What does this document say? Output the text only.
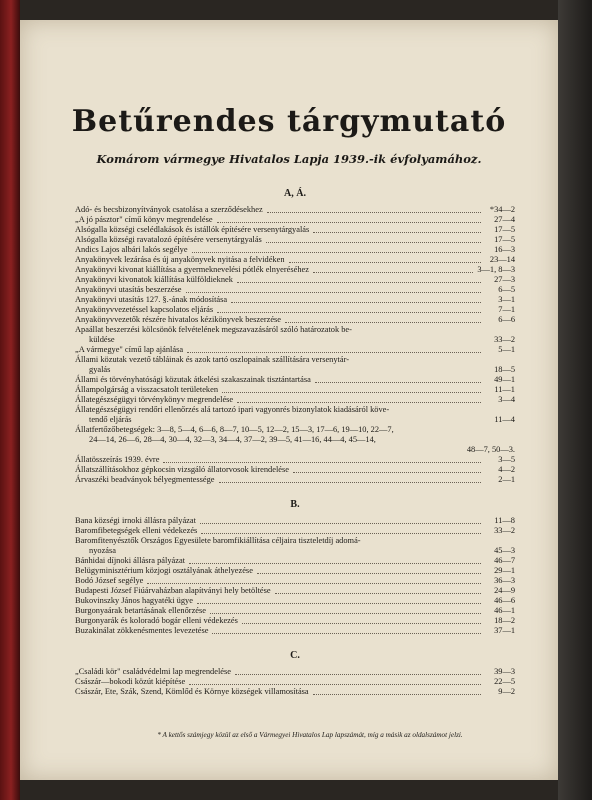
Betűrendes tárgymutató
Komárom vármegye Hivatalos Lapja 1939.-ik évfolyamához.
A, Á.
Adó- és becsbizonyítványok csatolása a szerződésekhez	*34—2
„A jó pásztor" című könyv megrendelése	27—4
Alsógalla községi cselédlakások és istállók építésére versenytárgyalás	17—5
Alsógalla községi ravatalozó építésére versenytárgyalás	17—5
Andics Lajos albári lakós segélye	16—3
Anyakönyvek lezárása és új anyakönyvek nyitása a felvidéken	23—14
Anyakönyvi kivonat kiállítása a gyermeknevelési pótlék elnyeréséhez	3—1, 8—3
Anyakönyvi kivonatok kiállítása külföldieknek	27—3
Anyakönyvi utasítás beszerzése	6—5
Anyakönyvi utasítás 127. §.-ának módosítása	3—1
Anyakönyvvezetéssel kapcsolatos eljárás	7—1
Anyakönyvvezetők részére hivatalos kézikönyvek beszerzése	6—6
Apaállat beszerzési kölcsönök felvételének megszavazásáról szóló határozatok be-
küldése	33—2
„A vármegye" című lap ajánlása	5—1
Állami közutak vezető tábláinak és azok tartó oszlopainak szállítására versenytár-
gyalás	18—5
Állami és törvényhatósági közutak átkelési szakaszainak tisztántartása	49—1
Állampolgárság a visszacsatolt területeken	11—1
Állategészségügyi törvénykönyv megrendelése	3—4
Állategészségügyi rendőri ellenőrzés alá tartozó ipari vagyonrés bizonylatok kiadásáról köve-
tendő eljárás	11—4
Állatfertőzőbetegségek: 3—8, 5—4, 6—6, 8—7, 10—5, 12—2, 15—3, 17—6, 19—10, 22—7,
24—14, 26—6, 28—4, 30—4, 32—3, 34—4, 37—2, 39—5, 41—16, 44—4, 45—14,
48—7, 50—3.
Állatösszeírás 1939. évre	3—5
Állatszállításokhoz gépkocsin vizsgáló állatorvosok kirendelése	4—2
Árvaszéki beadványok bélyegmentessége	2—1
B.
Bana községi irnoki állásra pályázat	11—8
Baromfibetegségek elleni védekezés	33—2
Baromfitenyésztők Országos Egyesülete baromfikiállítása céljaira tiszteletdíj adomá-
nyozása	45—3
Bánhidai díjnoki állásra pályázat	46—7
Belügyminisztérium közjogi osztályának áthelyezése	29—1
Bodó József segélye	36—3
Budapesti József Fiúárvaházban alapítványi hely betöltése	24—9
Bukovinszky János hagyatéki ügye	46—6
Burgonyaárak betartásának ellenőrzése	46—1
Burgonyarák és koloradó bogár elleni védekezés	18—2
Buzakinálat zökkenésmentes levezetése	37—1
C.
„Családi kör" családvédelmi lap megrendelése	39—3
Császár—bokodi közút kiépítése	22—5
Császár, Ete, Szák, Szend, Kömlőd és Környe községek villamosítása	9—2
* A kettős számjegy közül az első a Vármegyei Hivatalos Lap lapszámát, míg a másik az oldalszámot jelzi.
